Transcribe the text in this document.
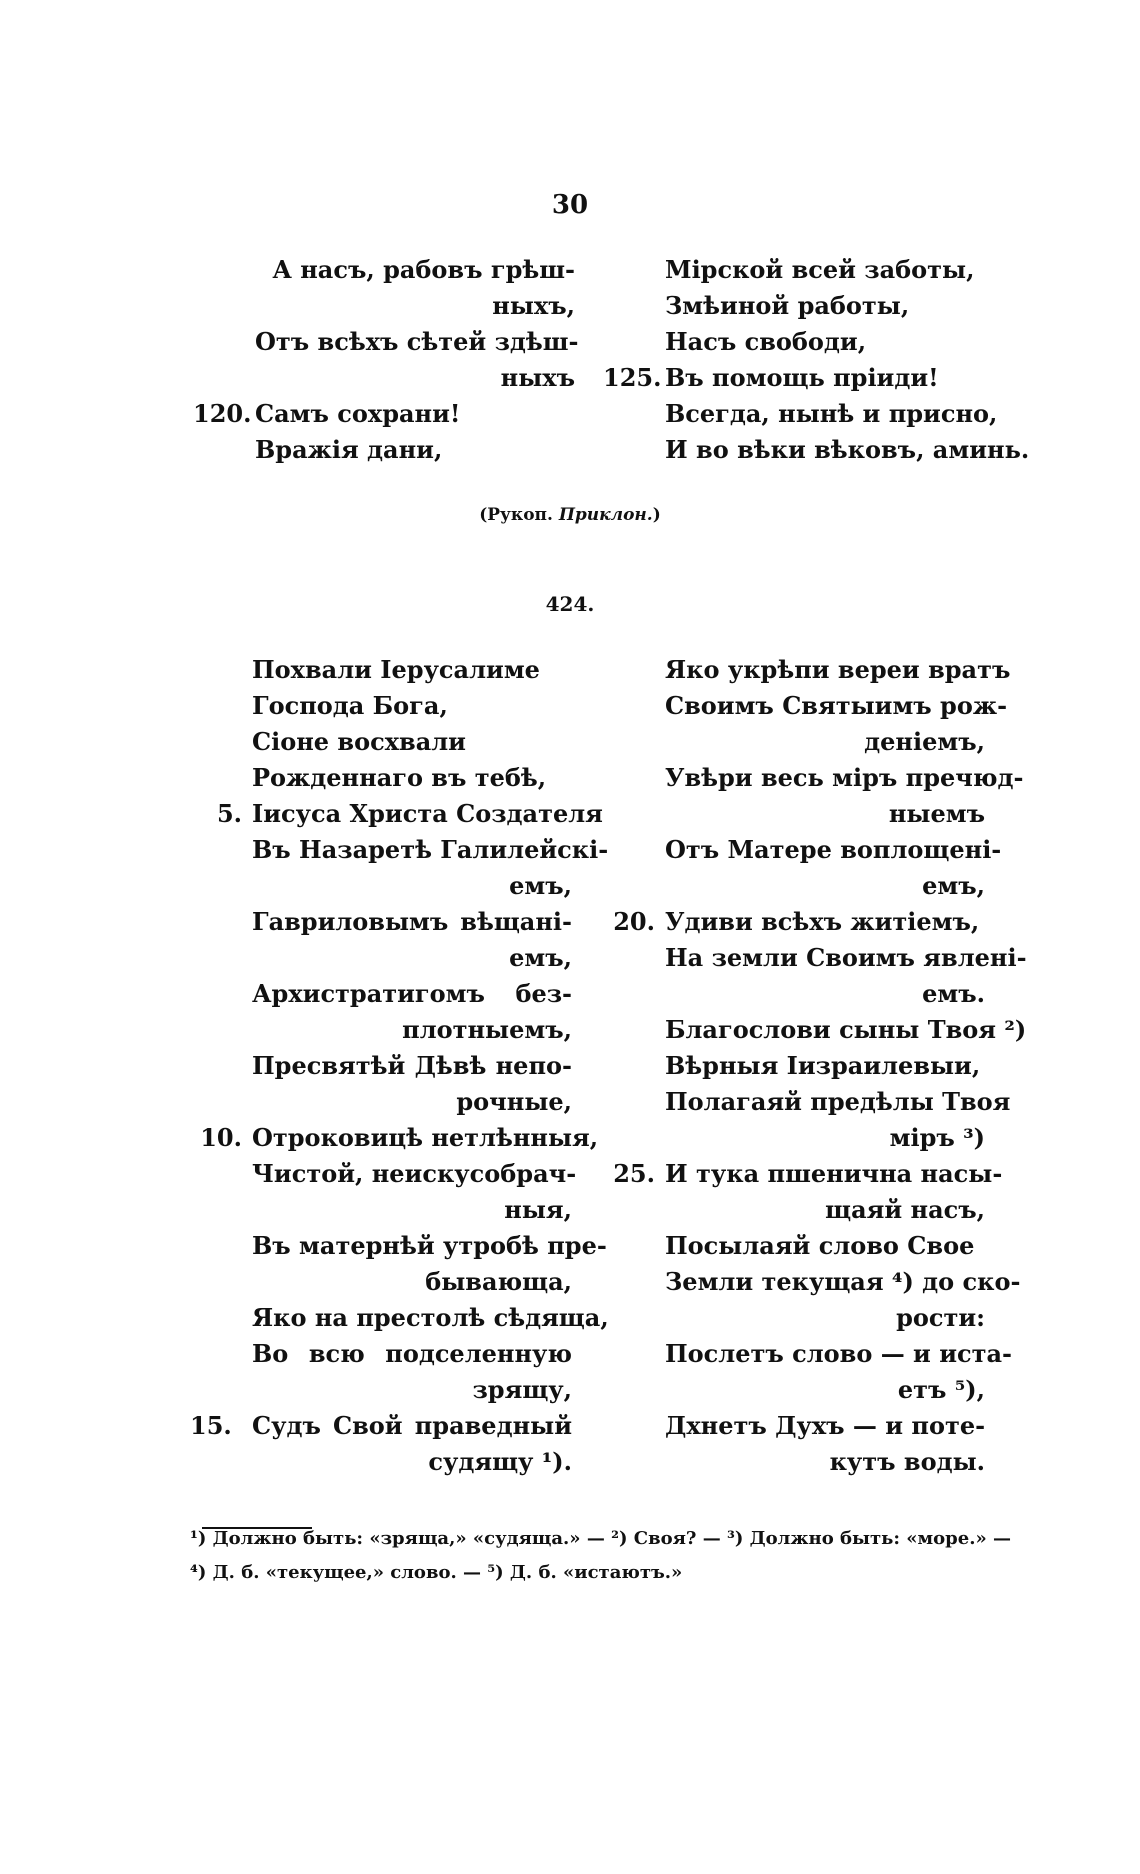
30
А насъ, рабовъ грѣш-
ныхъ,
Отъ всѣхъ сѣтей здѣш-
ныхъ
120. Самъ сохрани!
Вражія дани,
Мірской всей заботы,
Змѣиной работы,
Насъ свободи,
125. Въ помощь пріиди!
Всегда, нынѣ и присно,
И во вѣки вѣковъ, аминь.
(Рукоп. Приклон.)
424.
Похвали Іерусалиме
Господа Бога,
Сіоне восхвали
Рожденнаго въ тебѣ,
5. Іисуса Христа Создателя
Въ Назаретѣ Галилейскі-
емъ,
Гавриловымъ вѣщані-
емъ,
Архистратигомъ без-
плотныемъ,
Пресвятѣй Дѣвѣ непо-
рочные,
10. Отроковицѣ нетлѣнныя,
Чистой, неискусобрач-
ныя,
Въ матернѣй утробѣ пре-
бывающа,
Яко на престолѣ сѣдяща,
Во всю подселенную
зрящу,
15. Судъ Свой праведный
судящу ¹).
Яко укрѣпи вереи вратъ
Своимъ Святыимъ рож-
деніемъ,
Увѣри весь міръ пречюд-
ныемъ
Отъ Матере воплощені-
емъ,
20. Удиви всѣхъ житіемъ,
На земли Своимъ явлені-
емъ.
Благослови сыны Твоя ²)
Вѣрныя Іизраилевыи,
Полагаяй предѣлы Твоя
міръ ³)
25. И тука пшенична насы-
щаяй насъ,
Посылаяй слово Свое
Земли текущая ⁴) до ско-
рости:
Послетъ слово — и иста-
етъ ⁵),
Дхнетъ Духъ — и поте-
кутъ воды.
¹) Должно быть: «зряща,» «судяща.» — ²) Своя? — ³) Должно быть: «море.» —
⁴) Д. б. «текущее,» слово. — ⁵) Д. б. «истаютъ.»
